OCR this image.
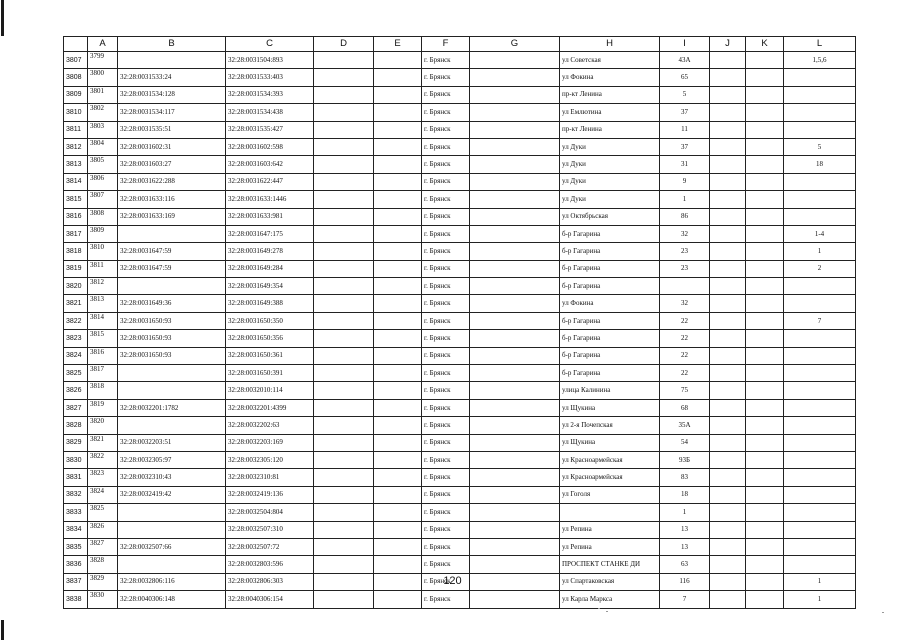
	A	B	C	D	E	F	G	H	I	J	K	L
3807	3799		32:28:0031504:893			г. Брянск		ул Советская	43А			1,5,6
3808	3800	32:28:0031533:24	32:28:0031533:403			г. Брянск		ул Фокина	65			
3809	3801	32:28:0031534:128	32:28:0031534:393			г. Брянск		пр-кт Ленина	5			
3810	3802	32:28:0031534:117	32:28:0031534:438			г. Брянск		ул Емлютина	37			
3811	3803	32:28:0031535:51	32:28:0031535:427			г. Брянск		пр-кт Ленина	11			
3812	3804	32:28:0031602:31	32:28:0031602:598			г. Брянск		ул Дуки	37			5
3813	3805	32:28:0031603:27	32:28:0031603:642			г. Брянск		ул Дуки	31			18
3814	3806	32:28:0031622:288	32:28:0031622:447			г. Брянск		ул Дуки	9			
3815	3807	32:28:0031633:116	32:28:0031633:1446			г. Брянск		ул Дуки	1			
3816	3808	32:28:0031633:169	32:28:0031633:981			г. Брянск		ул Октябрьская	86			
3817	3809		32:28:0031647:175			г. Брянск		б-р Гагарина	32			1-4
3818	3810	32:28:0031647:59	32:28:0031649:278			г. Брянск		б-р Гагарина	23			1
3819	3811	32:28:0031647:59	32:28:0031649:284			г. Брянск		б-р Гагарина	23			2
3820	3812		32:28:0031649:354			г. Брянск		б-р Гагарина				
3821	3813	32:28:0031649:36	32:28:0031649:388			г. Брянск		ул Фокина	32			
3822	3814	32:28:0031650:93	32:28:0031650:350			г. Брянск		б-р Гагарина	22			7
3823	3815	32:28:0031650:93	32:28:0031650:356			г. Брянск		б-р Гагарина	22			
3824	3816	32:28:0031650:93	32:28:0031650:361			г. Брянск		б-р Гагарина	22			
3825	3817		32:28:0031650:391			г. Брянск		б-р Гагарина	22			
3826	3818		32:28:0032010:114			г. Брянск		улица Калинина	75			
3827	3819	32:28:0032201:1782	32:28:0032201:4399			г. Брянск		ул Щукина	68			
3828	3820		32:28:0032202:63			г. Брянск		ул 2-я Почепская	35А			
3829	3821	32:28:0032203:51	32:28:0032203:169			г. Брянск		ул Щукина	54			
3830	3822	32:28:0032305:97	32:28:0032305:120			г. Брянск		ул Красноармейская	93Б			
3831	3823	32:28:0032310:43	32:28:0032310:81			г. Брянск		ул Красноармейская	83			
3832	3824	32:28:0032419:42	32:28:0032419:136			г. Брянск		ул Гоголя	18			
3833	3825		32:28:0032504:804			г. Брянск			1			
3834	3826		32:28:0032507:310			г. Брянск		ул Репина	13			
3835	3827	32:28:0032507:66	32:28:0032507:72			г. Брянск		ул Репина	13			
3836	3828		32:28:0032803:596			г. Брянск		ПРОСПЕКТ СТАНКЕ ДИ	63			
3837	3829	32:28:0032806:116	32:28:0032806:303			г. Брянск		ул Спартаковская	116			1
3838	3830	32:28:0040306:148	32:28:0040306:154			г. Брянск		ул Карла Маркса	7			1
120
